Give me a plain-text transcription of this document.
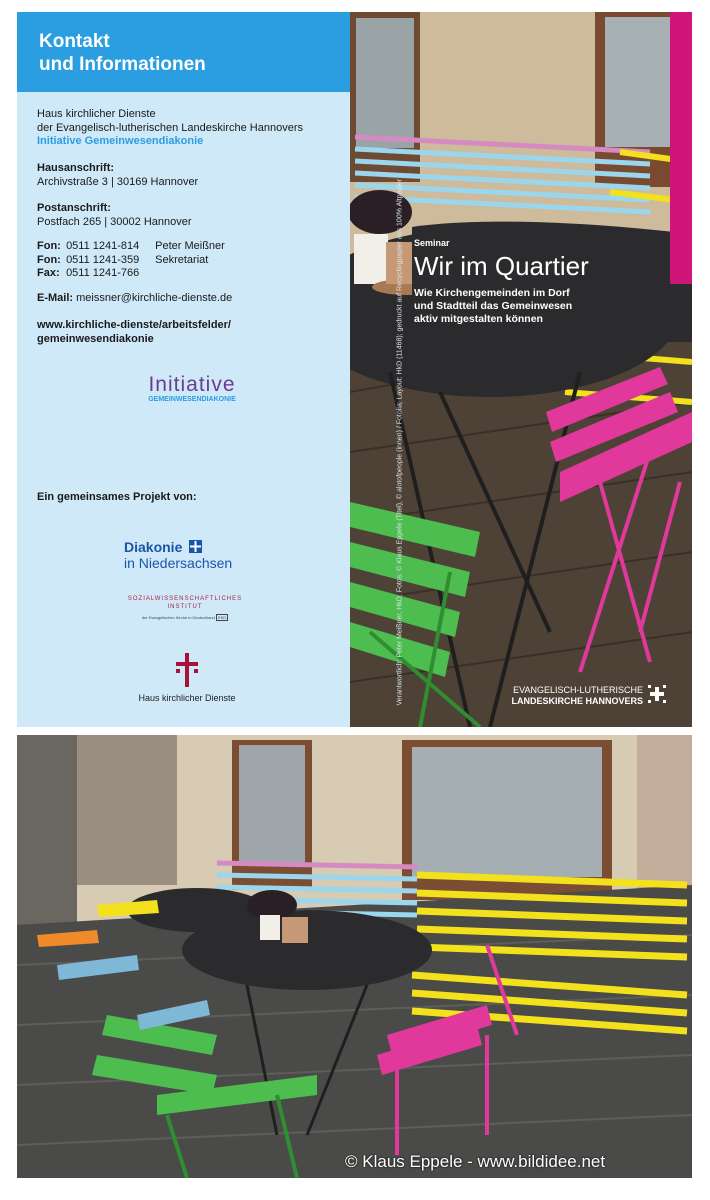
Kontakt
und Informationen
Haus kirchlicher Dienste
der Evangelisch-lutherischen Landeskirche Hannovers
Initiative Gemeinwesendiakonie
Hausanschrift:
Archivstraße 3 | 30169 Hannover
Postanschrift:
Postfach 265 | 30002 Hannover
Fon: 0511 1241-814 Peter Meißner
Fon: 0511 1241-359 Sekretariat
Fax: 0511 1241-766
E-Mail: meissner@kirchliche-dienste.de
www.kirchliche-dienste/arbeitsfelder/
gemeinwesendiakonie
Initiative
GEMEINWESENDIAKONIE
Ein gemeinsames Projekt von:
Diakonie
in Niedersachsen
SOZIALWISSENSCHAFTLICHES
INSTITUT
der Evangelischen Kirche in Deutschland EKD
Haus kirchlicher Dienste	Verantwortlich: Peter Meißner, HkD; Fotos: © Klaus Eppele (Titel), © alotofpeople (innen) / Fotolia; Layout: HkD (11468); gedruckt auf Recyclingpapier aus 100% Altpapier Seminar
Wir im Quartier
Wie Kirchengemeinden im Dorf
und Stadtteil das Gemeinwesen
aktiv mitgestalten können
EVANGELISCH-LUTHERISCHE
LANDESKIRCHE HANNOVERS
© Klaus Eppele - www.bildidee.net
